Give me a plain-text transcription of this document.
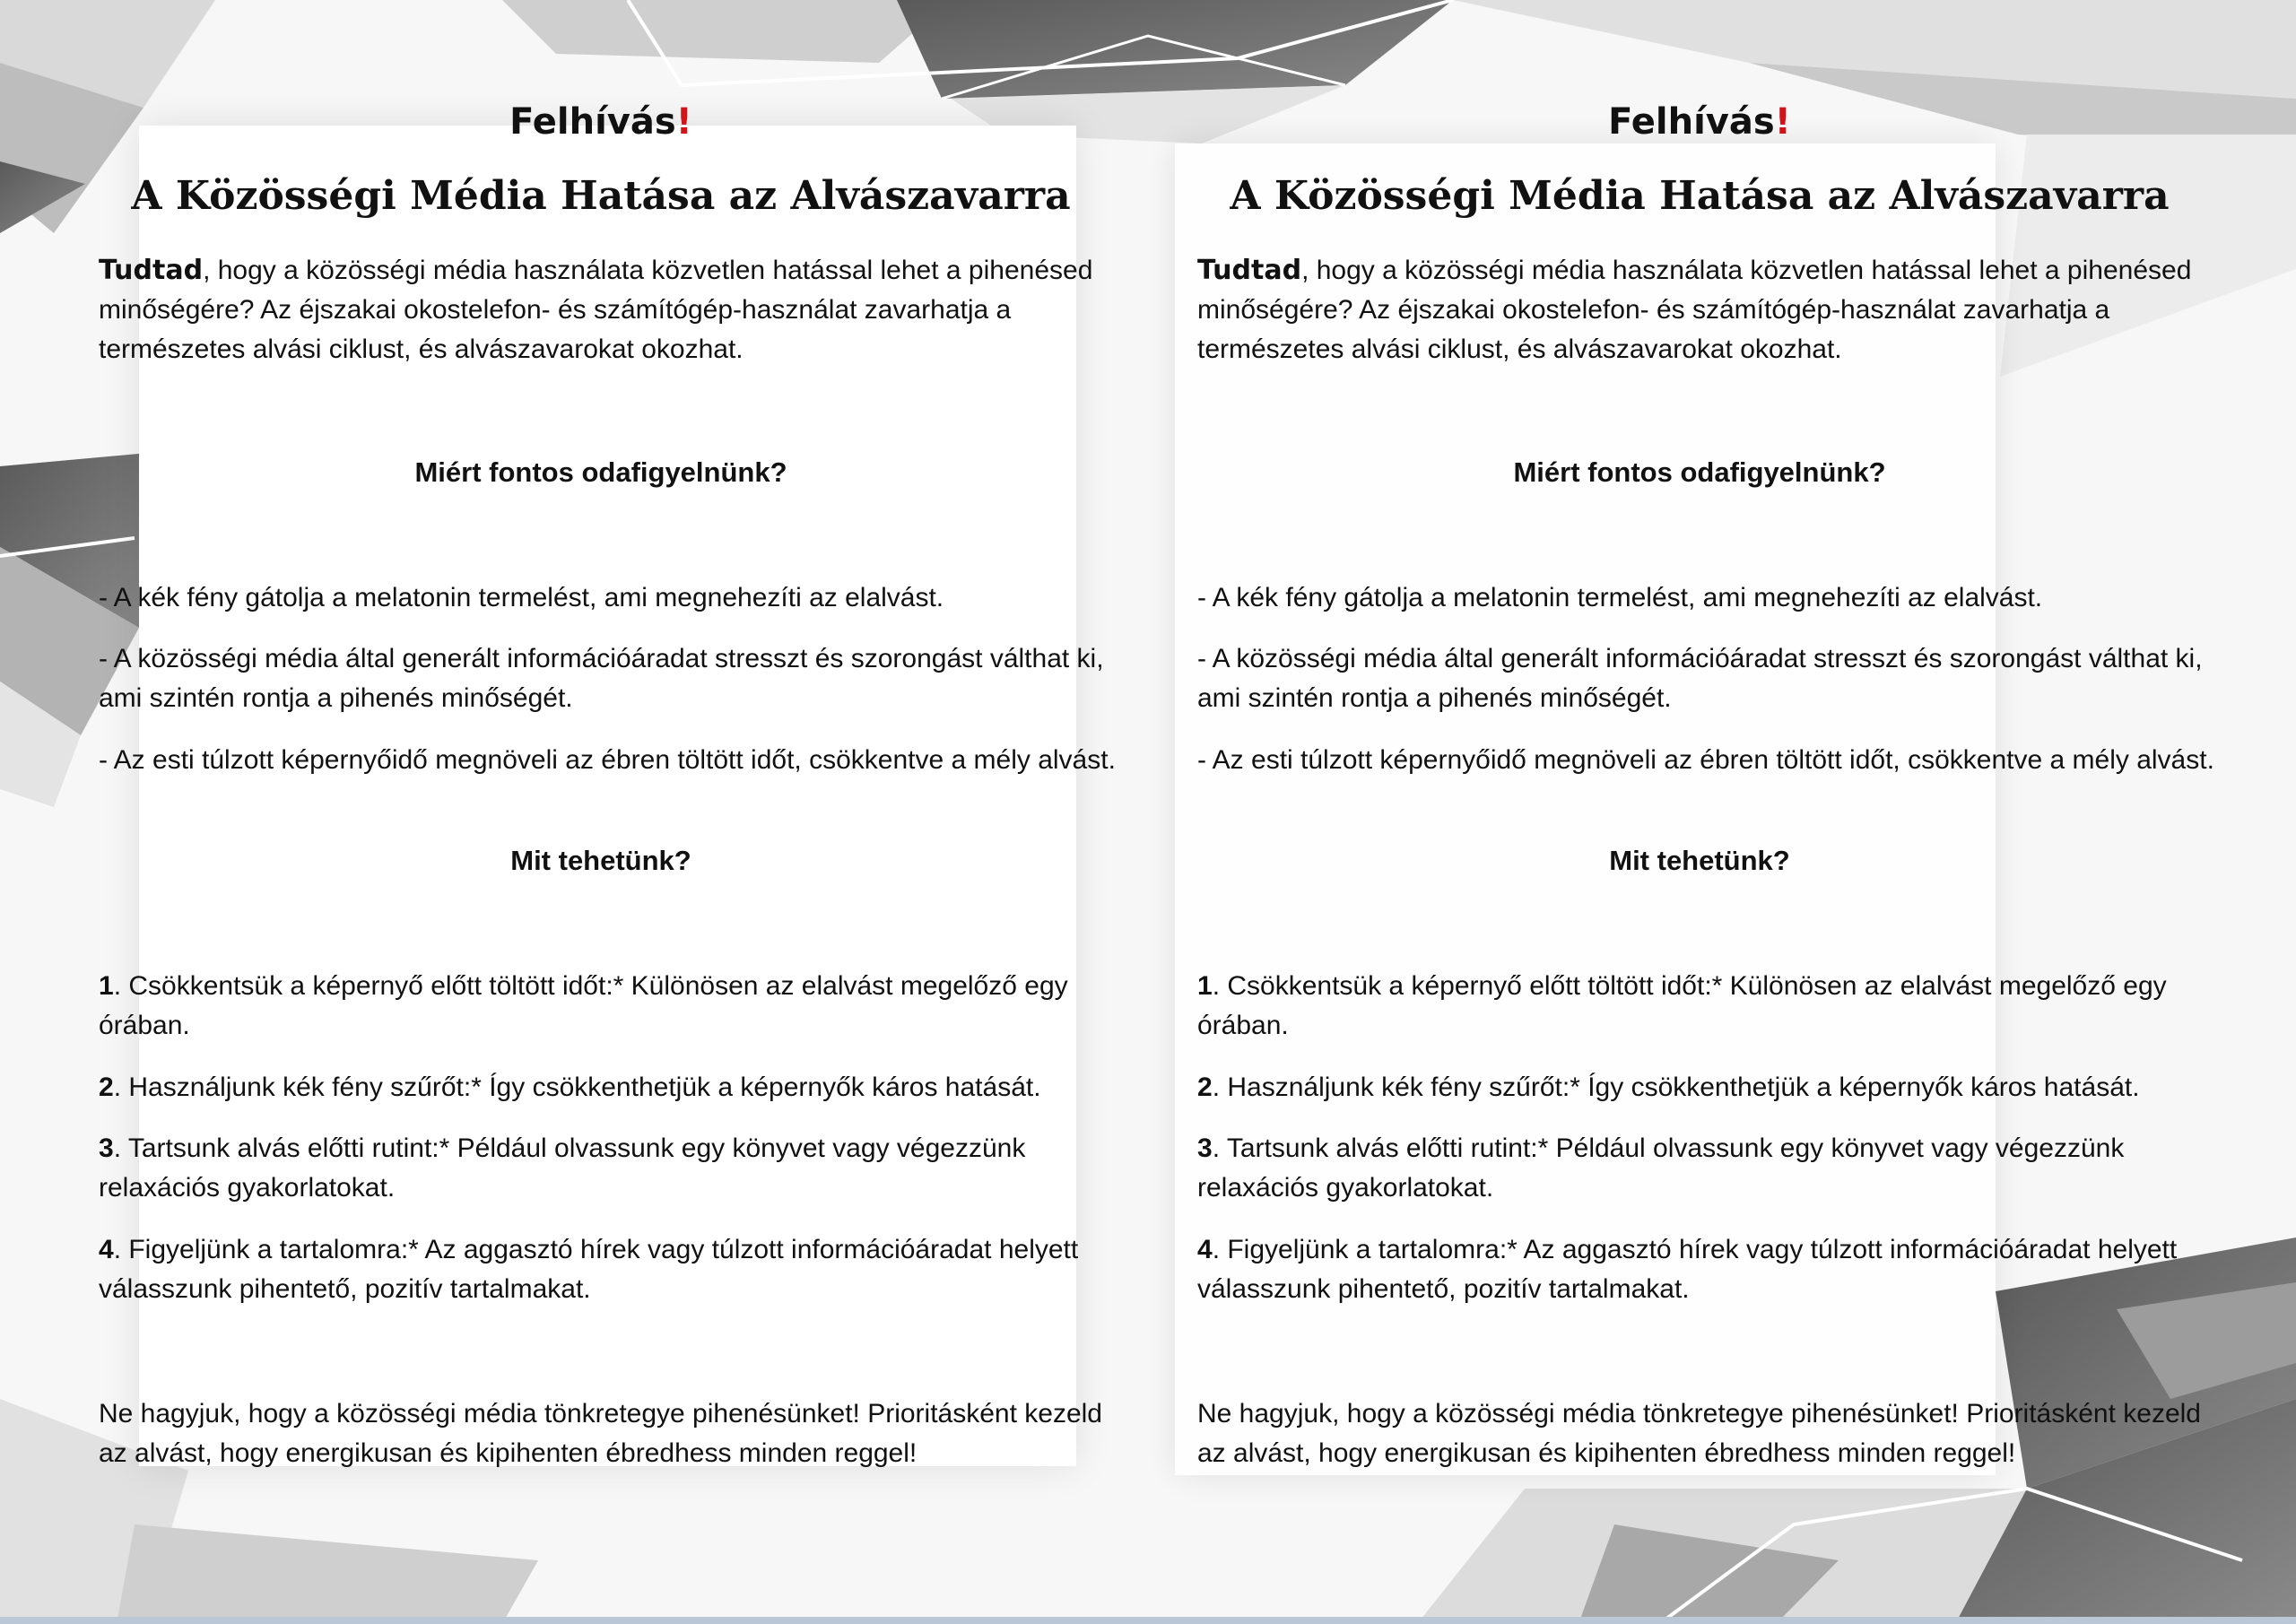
Felhívás!
A Közösségi Média Hatása az Alvászavarra
Tudtad, hogy a közösségi média használata közvetlen hatással lehet a pihenésed minőségére? Az éjszakai okostelefon- és számítógép-használat zavarhatja a természetes alvási ciklust, és alvászavarokat okozhat.
Miért fontos odafigyelnünk?
- A kék fény gátolja a melatonin termelést, ami megnehezíti az elalvást.
- A közösségi média által generált információáradat stresszt és szorongást válthat ki, ami szintén rontja a pihenés minőségét.
- Az esti túlzott képernyőidő megnöveli az ébren töltött időt, csökkentve a mély alvást.
Mit tehetünk?
1. Csökkentsük a képernyő előtt töltött időt:* Különösen az elalvást megelőző egy órában.
2. Használjunk kék fény szűrőt:* Így csökkenthetjük a képernyők káros hatását.
3. Tartsunk alvás előtti rutint:* Például olvassunk egy könyvet vagy végezzünk relaxációs gyakorlatokat.
4. Figyeljünk a tartalomra:* Az aggasztó hírek vagy túlzott információáradat helyett válasszunk pihentető, pozitív tartalmakat.
Ne hagyjuk, hogy a közösségi média tönkretegye pihenésünket! Prioritásként kezeld az alvást, hogy energikusan és kipihenten ébredhess minden reggel!
Felhívás!
A Közösségi Média Hatása az Alvászavarra
Tudtad, hogy a közösségi média használata közvetlen hatással lehet a pihenésed minőségére? Az éjszakai okostelefon- és számítógép-használat zavarhatja a természetes alvási ciklust, és alvászavarokat okozhat.
Miért fontos odafigyelnünk?
- A kék fény gátolja a melatonin termelést, ami megnehezíti az elalvást.
- A közösségi média által generált információáradat stresszt és szorongást válthat ki, ami szintén rontja a pihenés minőségét.
- Az esti túlzott képernyőidő megnöveli az ébren töltött időt, csökkentve a mély alvást.
Mit tehetünk?
1. Csökkentsük a képernyő előtt töltött időt:* Különösen az elalvást megelőző egy órában.
2. Használjunk kék fény szűrőt:* Így csökkenthetjük a képernyők káros hatását.
3. Tartsunk alvás előtti rutint:* Például olvassunk egy könyvet vagy végezzünk relaxációs gyakorlatokat.
4. Figyeljünk a tartalomra:* Az aggasztó hírek vagy túlzott információáradat helyett válasszunk pihentető, pozitív tartalmakat.
Ne hagyjuk, hogy a közösségi média tönkretegye pihenésünket! Prioritásként kezeld az alvást, hogy energikusan és kipihenten ébredhess minden reggel!
